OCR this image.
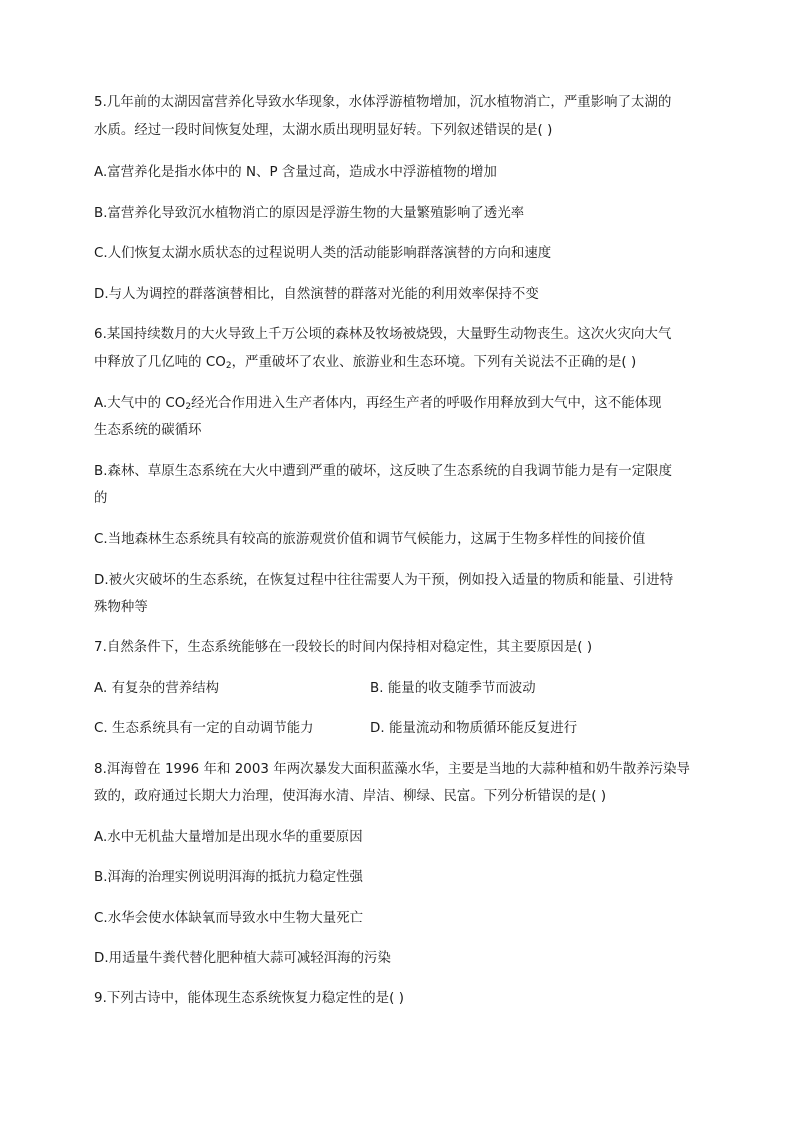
5.几年前的太湖因富营养化导致水华现象，水体浮游植物增加，沉水植物消亡，严重影响了太湖的
水质。经过一段时间恢复处理，太湖水质出现明显好转。下列叙述错误的是( )
A.富营养化是指水体中的 N、P 含量过高，造成水中浮游植物的增加
B.富营养化导致沉水植物消亡的原因是浮游生物的大量繁殖影响了透光率
C.人们恢复太湖水质状态的过程说明人类的活动能影响群落演替的方向和速度
D.与人为调控的群落演替相比，自然演替的群落对光能的利用效率保持不变
6.某国持续数月的大火导致上千万公顷的森林及牧场被烧毁，大量野生动物丧生。这次火灾向大气
中释放了几亿吨的 $CO_2$，严重破坏了农业、旅游业和生态环境。下列有关说法不正确的是( )
A.大气中的 $CO_2$经光合作用进入生产者体内，再经生产者的呼吸作用释放到大气中，这不能体现
生态系统的碳循环
B.森林、草原生态系统在大火中遭到严重的破坏，这反映了生态系统的自我调节能力是有一定限度
的
C.当地森林生态系统具有较高的旅游观赏价值和调节气候能力，这属于生物多样性的间接价值
D.被火灾破坏的生态系统，在恢复过程中往往需要人为干预，例如投入适量的物质和能量、引进特
殊物种等
7.自然条件下，生态系统能够在一段较长的时间内保持相对稳定性，其主要原因是( )
A. 有复杂的营养结构	B. 能量的收支随季节而波动
C. 生态系统具有一定的自动调节能力	D. 能量流动和物质循环能反复进行
8.洱海曾在 1996 年和 2003 年两次暴发大面积蓝藻水华，主要是当地的大蒜种植和奶牛散养污染导
致的，政府通过长期大力治理，使洱海水清、岸洁、柳绿、民富。下列分析错误的是( )
A.水中无机盐大量增加是出现水华的重要原因
B.洱海的治理实例说明洱海的抵抗力稳定性强
C.水华会使水体缺氧而导致水中生物大量死亡
D.用适量牛粪代替化肥种植大蒜可减轻洱海的污染
9.下列古诗中，能体现生态系统恢复力稳定性的是( )
